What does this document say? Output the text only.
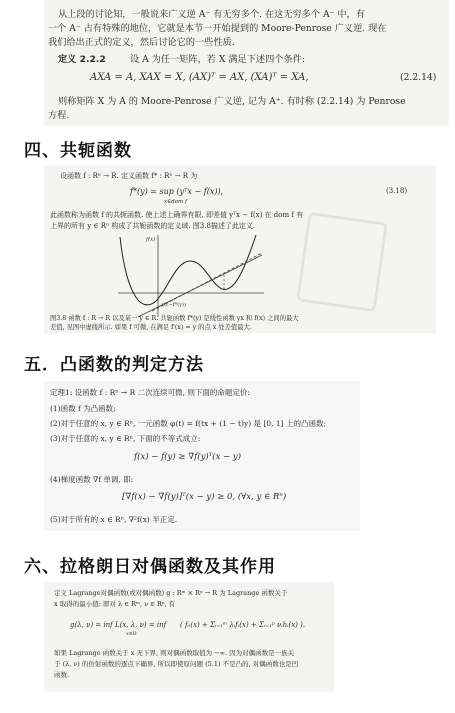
从上段的讨论知，一般说来广义逆 A⁻ 有无穷多个. 在这无穷多个 A⁻ 中，有
一个 A⁻ 占有特殊的地位，它就是本节一开始提到的 Moore-Penrose 广义逆. 现在
我们给出正式的定义，然后讨论它的一些性质.
定义 2.2.2	设 A 为任一矩阵，若 X 满足下述四个条件:
AXA = A, XAX = X, (AX)ᵀ = AX, (XA)ᵀ = XA,	(2.2.14)
则称矩阵 X 为 A 的 Moore-Penrose 广义逆, 记为 A⁺. 有时称 (2.2.14) 为 Penrose
方程.
四、共轭函数
设函数 f : Rⁿ → R. 定义函数 f* : Rⁿ → R 为
f*(y) = sup (yᵀx − f(x)),
x∈dom f
(3.18)
此函数称为函数 f 的共轭函数. 使上述上确界有限, 即差值 yᵀx − f(x) 在 dom f 有
上界的所有 y ∈ Rⁿ 构成了共轭函数的定义域. 图3.8描述了此定义.
f(x)
(0,−f*(y))
图3.8 函数 f : R → R 以及某一 y ∈ R. 共轭函数 f*(y) 是线性函数 yx 和 f(x) 之间的最大
差值, 见图中虚线所示. 如果 f 可微, 在满足 f′(x) = y 的点 x 处差值最大.
五．凸函数的判定方法
定理1: 设函数 f : Rⁿ → R 二次连续可微, 则下面的命题定价:
(1)函数 f 为凸函数;
(2)对于任意的 x, y ∈ Rⁿ, 一元函数 φ(t) = f(tx + (1 − t)y) 是 [0, 1] 上的凸函数;
(3)对于任意的 x, y ∈ Rⁿ, 下面的不等式成立:
f(x) − f(y) ≥ ∇f(y)ᵀ(x − y)
(4)梯度函数 ∇f 单调, 即:
[∇f(x) − ∇f(y)]ᵀ(x − y) ≥ 0, (∀x, y ∈ Rⁿ)
(5)对于所有的 x ∈ Rⁿ, ∇²f(x) 半正定.
六、拉格朗日对偶函数及其作用
定义 Lagrange对偶函数(或对偶函数) g : Rᵐ × Rᵖ → R 为 Lagrange 函数关于
x 取得的最小值: 即对 λ ∈ Rᵐ, ν ∈ Rᵖ, 有
g(λ, ν) = inf L(x, λ, ν) = inf
x∈D
( f₀(x) + Σᵢ₌₁ᵐ λᵢfᵢ(x) + Σᵢ₌₁ᵖ νᵢhᵢ(x) ).
如果 Lagrange 函数关于 x 无下界, 则对偶函数取值为 −∞. 因为对偶函数是一族关
于 (λ, ν) 的仿射函数的逐点下确界, 所以即使原问题 (5.1) 不是凸的, 对偶函数也是凹
函数.
